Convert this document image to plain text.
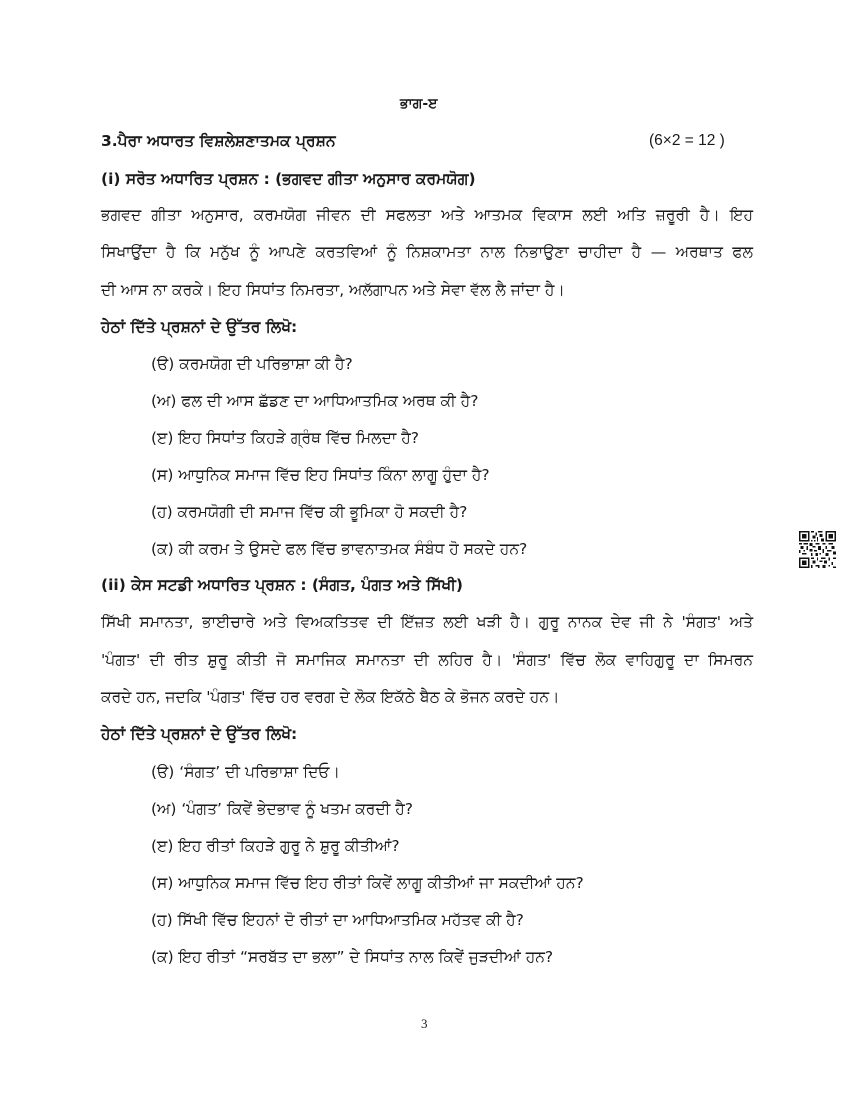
ਭਾਗ-ੲ
3.ਪੈਰਾ ਅਧਾਰਤ ਵਿਸ਼ਲੇਸ਼ਣਾਤਮਕ ਪ੍ਰਸ਼ਨ	(6×2 = 12 )
(i) ਸਰੋਤ ਅਧਾਰਿਤ ਪ੍ਰਸ਼ਨ : (ਭਗਵਦ ਗੀਤਾ ਅਨੁਸਾਰ ਕਰਮਯੋਗ)
ਭਗਵਦ ਗੀਤਾ ਅਨੁਸਾਰ, ਕਰਮਯੋਗ ਜੀਵਨ ਦੀ ਸਫਲਤਾ ਅਤੇ ਆਤਮਕ ਵਿਕਾਸ ਲਈ ਅਤਿ ਜ਼ਰੂਰੀ ਹੈ। ਇਹ
ਸਿਖਾਉਂਦਾ ਹੈ ਕਿ ਮਨੁੱਖ ਨੂੰ ਆਪਣੇ ਕਰਤਵਿਆਂ ਨੂੰ ਨਿਸ਼ਕਾਮਤਾ ਨਾਲ ਨਿਭਾਉਣਾ ਚਾਹੀਦਾ ਹੈ — ਅਰਥਾਤ ਫਲ
ਦੀ ਆਸ ਨਾ ਕਰਕੇ। ਇਹ ਸਿਧਾਂਤ ਨਿਮਰਤਾ, ਅਲੱਗਾਪਨ ਅਤੇ ਸੇਵਾ ਵੱਲ ਲੈ ਜਾਂਦਾ ਹੈ।
ਹੇਠਾਂ ਦਿੱਤੇ ਪ੍ਰਸ਼ਨਾਂ ਦੇ ਉੱਤਰ ਲਿਖੋ:
(ੳ) ਕਰਮਯੋਗ ਦੀ ਪਰਿਭਾਸ਼ਾ ਕੀ ਹੈ?
(ਅ) ਫਲ ਦੀ ਆਸ ਛੱਡਣ ਦਾ ਆਧਿਆਤਮਿਕ ਅਰਥ ਕੀ ਹੈ?
(ੲ) ਇਹ ਸਿਧਾਂਤ ਕਿਹੜੇ ਗ੍ਰੰਥ ਵਿੱਚ ਮਿਲਦਾ ਹੈ?
(ਸ) ਆਧੁਨਿਕ ਸਮਾਜ ਵਿੱਚ ਇਹ ਸਿਧਾਂਤ ਕਿੰਨਾ ਲਾਗੂ ਹੁੰਦਾ ਹੈ?
(ਹ) ਕਰਮਯੋਗੀ ਦੀ ਸਮਾਜ ਵਿੱਚ ਕੀ ਭੂਮਿਕਾ ਹੋ ਸਕਦੀ ਹੈ?
(ਕ) ਕੀ ਕਰਮ ਤੇ ਉਸਦੇ ਫਲ ਵਿੱਚ ਭਾਵਨਾਤਮਕ ਸੰਬੰਧ ਹੋ ਸਕਦੇ ਹਨ?
(ii) ਕੇਸ ਸਟਡੀ ਅਧਾਰਿਤ ਪ੍ਰਸ਼ਨ : (ਸੰਗਤ, ਪੰਗਤ ਅਤੇ ਸਿੱਖੀ)
ਸਿੱਖੀ ਸਮਾਨਤਾ, ਭਾਈਚਾਰੇ ਅਤੇ ਵਿਅਕਤਿਤਵ ਦੀ ਇੱਜ਼ਤ ਲਈ ਖੜੀ ਹੈ। ਗੁਰੂ ਨਾਨਕ ਦੇਵ ਜੀ ਨੇ 'ਸੰਗਤ' ਅਤੇ
'ਪੰਗਤ' ਦੀ ਰੀਤ ਸ਼ੁਰੂ ਕੀਤੀ ਜੋ ਸਮਾਜਿਕ ਸਮਾਨਤਾ ਦੀ ਲਹਿਰ ਹੈ। 'ਸੰਗਤ' ਵਿੱਚ ਲੋਕ ਵਾਹਿਗੁਰੂ ਦਾ ਸਿਮਰਨ
ਕਰਦੇ ਹਨ, ਜਦਕਿ 'ਪੰਗਤ' ਵਿੱਚ ਹਰ ਵਰਗ ਦੇ ਲੋਕ ਇਕੱਠੇ ਬੈਠ ਕੇ ਭੋਜਨ ਕਰਦੇ ਹਨ।
ਹੇਠਾਂ ਦਿੱਤੇ ਪ੍ਰਸ਼ਨਾਂ ਦੇ ਉੱਤਰ ਲਿਖੋ:
(ੳ) ‘ਸੰਗਤ’ ਦੀ ਪਰਿਭਾਸ਼ਾ ਦਿਓ।
(ਅ) ‘ਪੰਗਤ’ ਕਿਵੇਂ ਭੇਦਭਾਵ ਨੂੰ ਖਤਮ ਕਰਦੀ ਹੈ?
(ੲ) ਇਹ ਰੀਤਾਂ ਕਿਹੜੇ ਗੁਰੂ ਨੇ ਸ਼ੁਰੂ ਕੀਤੀਆਂ?
(ਸ) ਆਧੁਨਿਕ ਸਮਾਜ ਵਿੱਚ ਇਹ ਰੀਤਾਂ ਕਿਵੇਂ ਲਾਗੂ ਕੀਤੀਆਂ ਜਾ ਸਕਦੀਆਂ ਹਨ?
(ਹ) ਸਿੱਖੀ ਵਿੱਚ ਇਹਨਾਂ ਦੋ ਰੀਤਾਂ ਦਾ ਆਧਿਆਤਮਿਕ ਮਹੱਤਵ ਕੀ ਹੈ?
(ਕ) ਇਹ ਰੀਤਾਂ “ਸਰਬੱਤ ਦਾ ਭਲਾ” ਦੇ ਸਿਧਾਂਤ ਨਾਲ ਕਿਵੇਂ ਜੁੜਦੀਆਂ ਹਨ?
3
